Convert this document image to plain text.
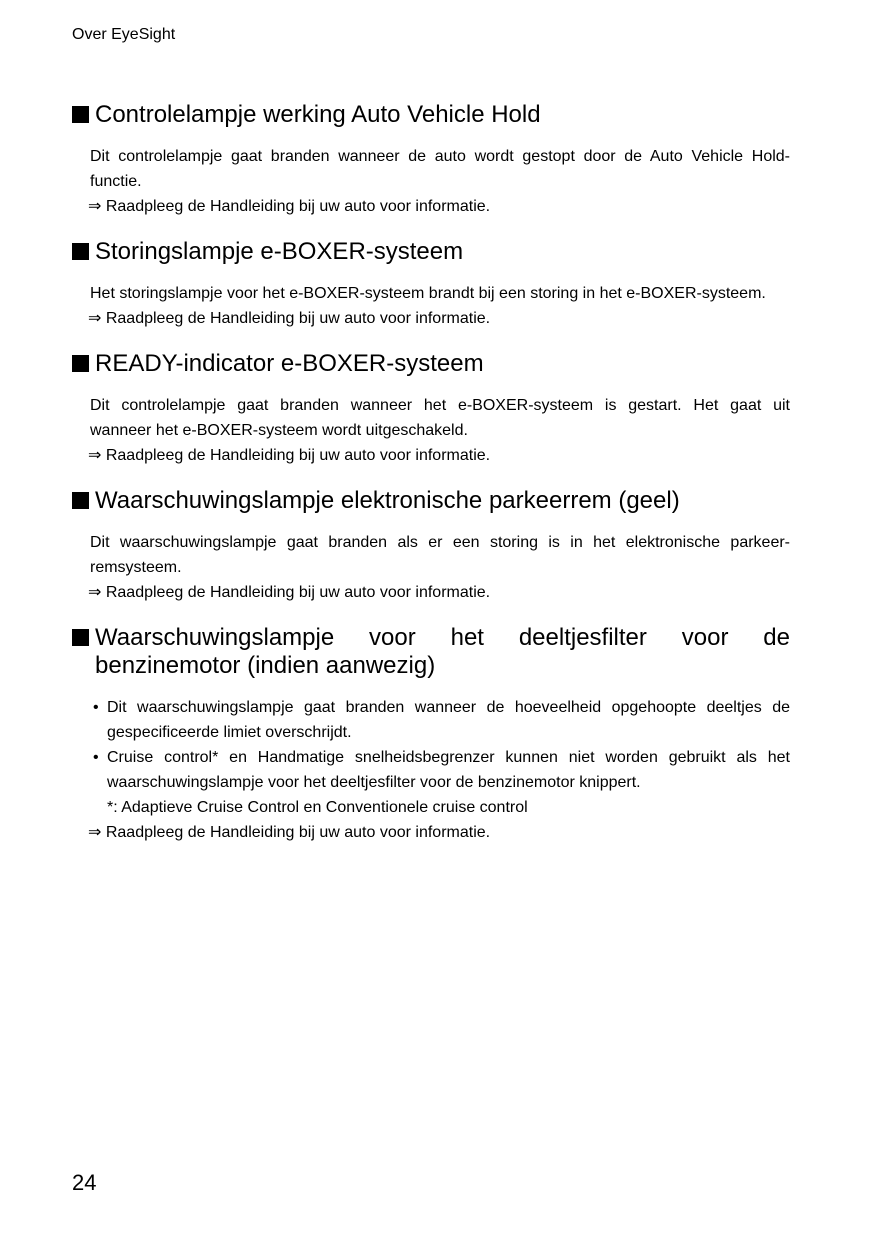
Over EyeSight
Controlelampje werking Auto Vehicle Hold
Dit controlelampje gaat branden wanneer de auto wordt gestopt door de Auto Vehicle Hold-
functie.
⇒ Raadpleeg de Handleiding bij uw auto voor informatie.
Storingslampje e-BOXER-systeem
Het storingslampje voor het e-BOXER-systeem brandt bij een storing in het e-BOXER-systeem.
⇒ Raadpleeg de Handleiding bij uw auto voor informatie.
READY-indicator e-BOXER-systeem
Dit controlelampje gaat branden wanneer het e-BOXER-systeem is gestart. Het gaat uit
wanneer het e-BOXER-systeem wordt uitgeschakeld.
⇒ Raadpleeg de Handleiding bij uw auto voor informatie.
Waarschuwingslampje elektronische parkeerrem (geel)
Dit waarschuwingslampje gaat branden als er een storing is in het elektronische parkeer-
remsysteem.
⇒ Raadpleeg de Handleiding bij uw auto voor informatie.
Waarschuwingslampje voor het deeltjesfilter voor de
benzinemotor (indien aanwezig)
• Dit waarschuwingslampje gaat branden wanneer de hoeveelheid opgehoopte deeltjes de
gespecificeerde limiet overschrijdt.
• Cruise control* en Handmatige snelheidsbegrenzer kunnen niet worden gebruikt als het
waarschuwingslampje voor het deeltjesfilter voor de benzinemotor knippert.
*: Adaptieve Cruise Control en Conventionele cruise control
⇒ Raadpleeg de Handleiding bij uw auto voor informatie.
24
